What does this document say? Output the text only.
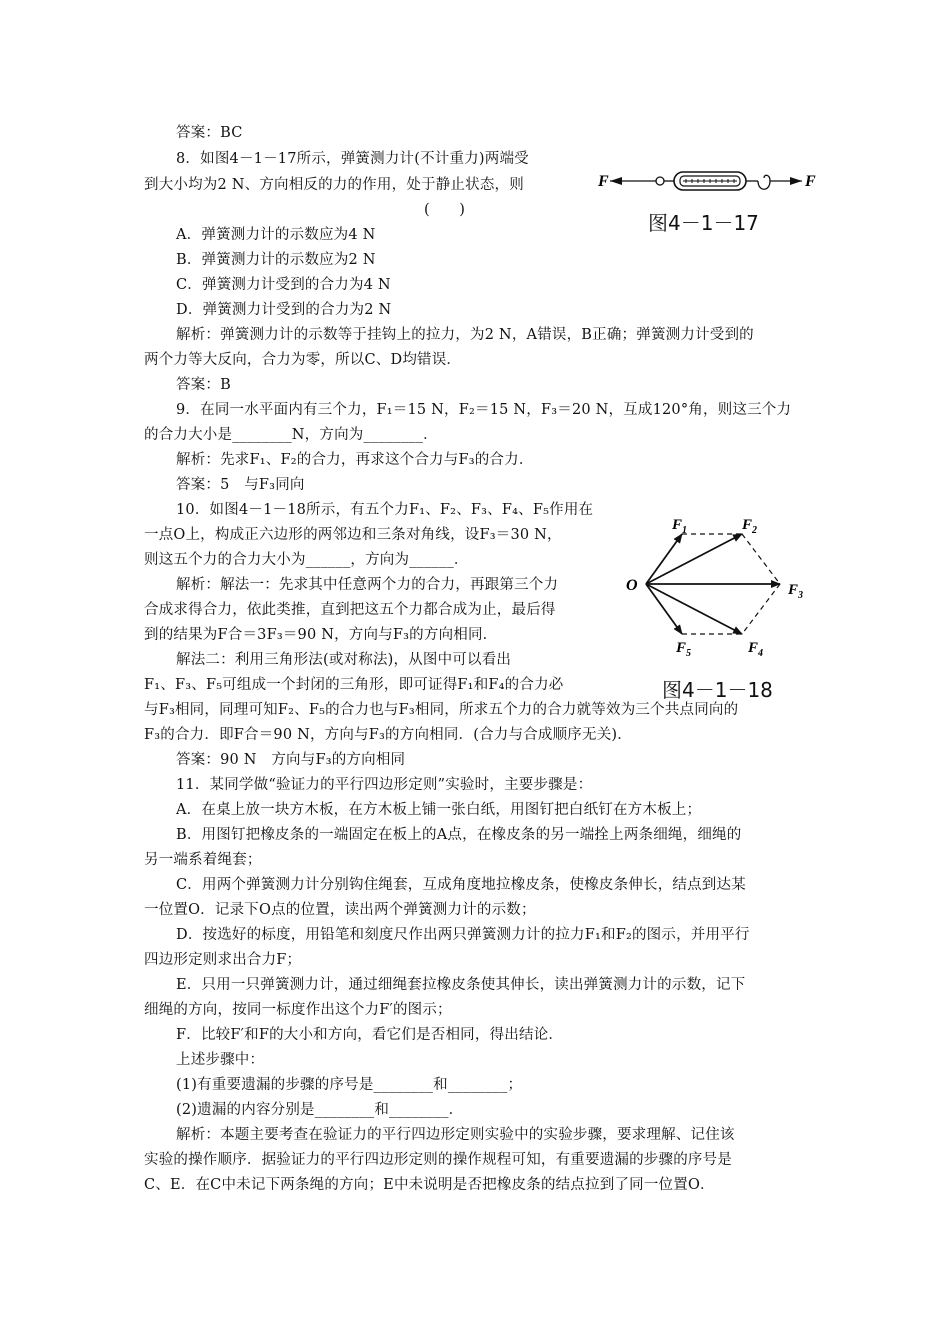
答案：BC
8．如图4－1－17所示，弹簧测力计(不计重力)两端受
到大小均为2 N、方向相反的力的作用，处于静止状态，则
(　　)
A．弹簧测力计的示数应为4 N
B．弹簧测力计的示数应为2 N
C．弹簧测力计受到的合力为4 N
D．弹簧测力计受到的合力为2 N
解析：弹簧测力计的示数等于挂钩上的拉力，为2 N，A错误，B正确；弹簧测力计受到的
两个力等大反向，合力为零，所以C、D均错误．
答案：B
9．在同一水平面内有三个力，F₁＝15 N，F₂＝15 N，F₃＝20 N，互成120°角，则这三个力
的合力大小是________N，方向为________．
解析：先求F₁、F₂的合力，再求这个合力与F₃的合力．
答案：5　与F₃同向
10．如图4－1－18所示，有五个力F₁、F₂、F₃、F₄、F₅作用在
一点O上，构成正六边形的两邻边和三条对角线，设F₃＝30 N，
则这五个力的合力大小为______，方向为______．
解析：解法一：先求其中任意两个力的合力，再跟第三个力
合成求得合力，依此类推，直到把这五个力都合成为止，最后得
到的结果为F合＝3F₃＝90 N，方向与F₃的方向相同．
解法二：利用三角形法(或对称法)，从图中可以看出
F₁、F₃、F₅可组成一个封闭的三角形，即可证得F₁和F₄的合力必
与F₃相同，同理可知F₂、F₅的合力也与F₃相同，所求五个力的合力就等效为三个共点同向的
F₃的合力．即F合＝90 N，方向与F₃的方向相同．(合力与合成顺序无关)．
答案：90 N　方向与F₃的方向相同
11．某同学做“验证力的平行四边形定则”实验时，主要步骤是：
A．在桌上放一块方木板，在方木板上铺一张白纸，用图钉把白纸钉在方木板上；
B．用图钉把橡皮条的一端固定在板上的A点，在橡皮条的另一端拴上两条细绳，细绳的
另一端系着绳套；
C．用两个弹簧测力计分别钩住绳套，互成角度地拉橡皮条，使橡皮条伸长，结点到达某
一位置O．记录下O点的位置，读出两个弹簧测力计的示数；
D．按选好的标度，用铅笔和刻度尺作出两只弹簧测力计的拉力F₁和F₂的图示，并用平行
四边形定则求出合力F；
E．只用一只弹簧测力计，通过细绳套拉橡皮条使其伸长，读出弹簧测力计的示数，记下
细绳的方向，按同一标度作出这个力F′的图示；
F．比较F′和F的大小和方向，看它们是否相同，得出结论．
上述步骤中：
(1)有重要遗漏的步骤的序号是________和________；
(2)遗漏的内容分别是________和________．
解析：本题主要考查在验证力的平行四边形定则实验中的实验步骤，要求理解、记住该
实验的操作顺序．据验证力的平行四边形定则的操作规程可知，有重要遗漏的步骤的序号是
C、E．在C中未记下两条绳的方向；E中未说明是否把橡皮条的结点拉到了同一位置O．
F	F
图4－1－17
O
$F_1$	$F_2$
$F_3$
$F_4$
$F_5$
图4－1－18
